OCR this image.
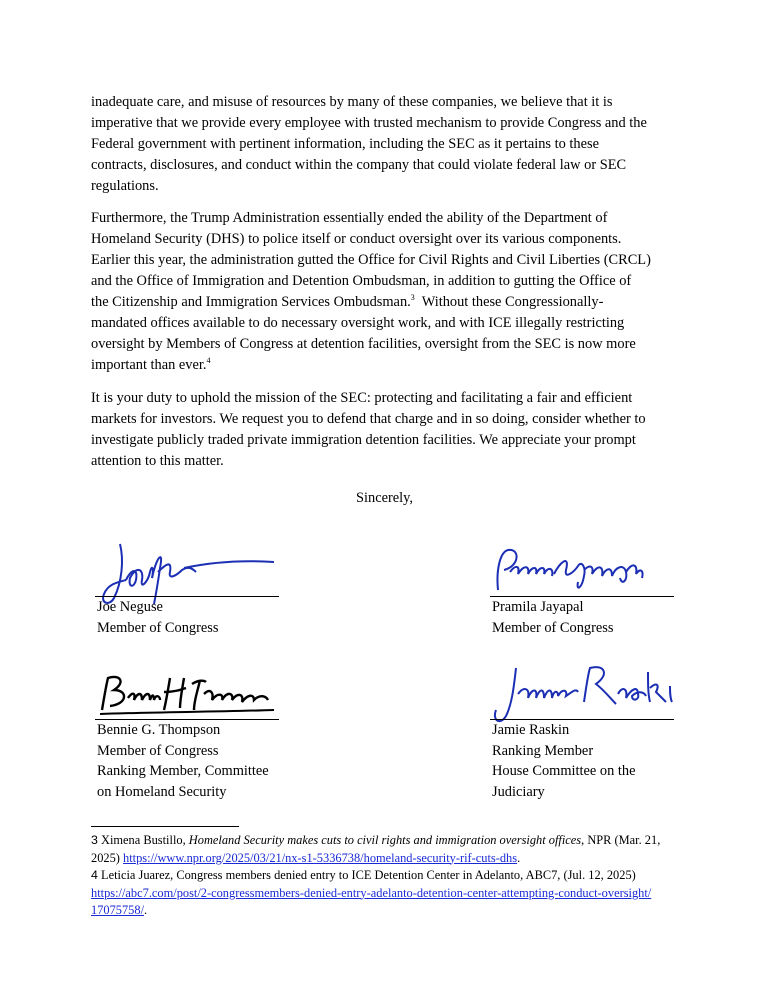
inadequate care, and misuse of resources by many of these companies, we believe that it is
imperative that we provide every employee with trusted mechanism to provide Congress and the
Federal government with pertinent information, including the SEC as it pertains to these
contracts, disclosures, and conduct within the company that could violate federal law or SEC
regulations.

Furthermore, the Trump Administration essentially ended the ability of the Department of
Homeland Security (DHS) to police itself or conduct oversight over its various components.
Earlier this year, the administration gutted the Office for Civil Rights and Civil Liberties (CRCL)
and the Office of Immigration and Detention Ombudsman, in addition to gutting the Office of
the Citizenship and Immigration Services Ombudsman.$^3$ Without these Congressionally-
mandated offices available to do necessary oversight work, and with ICE illegally restricting
oversight by Members of Congress at detention facilities, oversight from the SEC is now more
important than ever.$^4$

It is your duty to uphold the mission of the SEC: protecting and facilitating a fair and efficient
markets for investors. We request you to defend that charge and in so doing, consider whether to
investigate publicly traded private immigration detention facilities. We appreciate your prompt
attention to this matter.

Sincerely,
Joe Neguse
Member of Congress
Pramila Jayapal
Member of Congress
Bennie G. Thompson
Member of Congress
Ranking Member, Committee
on Homeland Security
Jamie Raskin
Ranking Member
House Committee on the
Judiciary

3 Ximena Bustillo, Homeland Security makes cuts to civil rights and immigration oversight offices, NPR (Mar. 21,
2025) https://www.npr.org/2025/03/21/nx-s1-5336738/homeland-security-rif-cuts-dhs.

4 Leticia Juarez, Congress members denied entry to ICE Detention Center in Adelanto, ABC7, (Jul. 12, 2025)
https://abc7.com/post/2-congressmembers-denied-entry-adelanto-detention-center-attempting-conduct-oversight/
17075758/.
